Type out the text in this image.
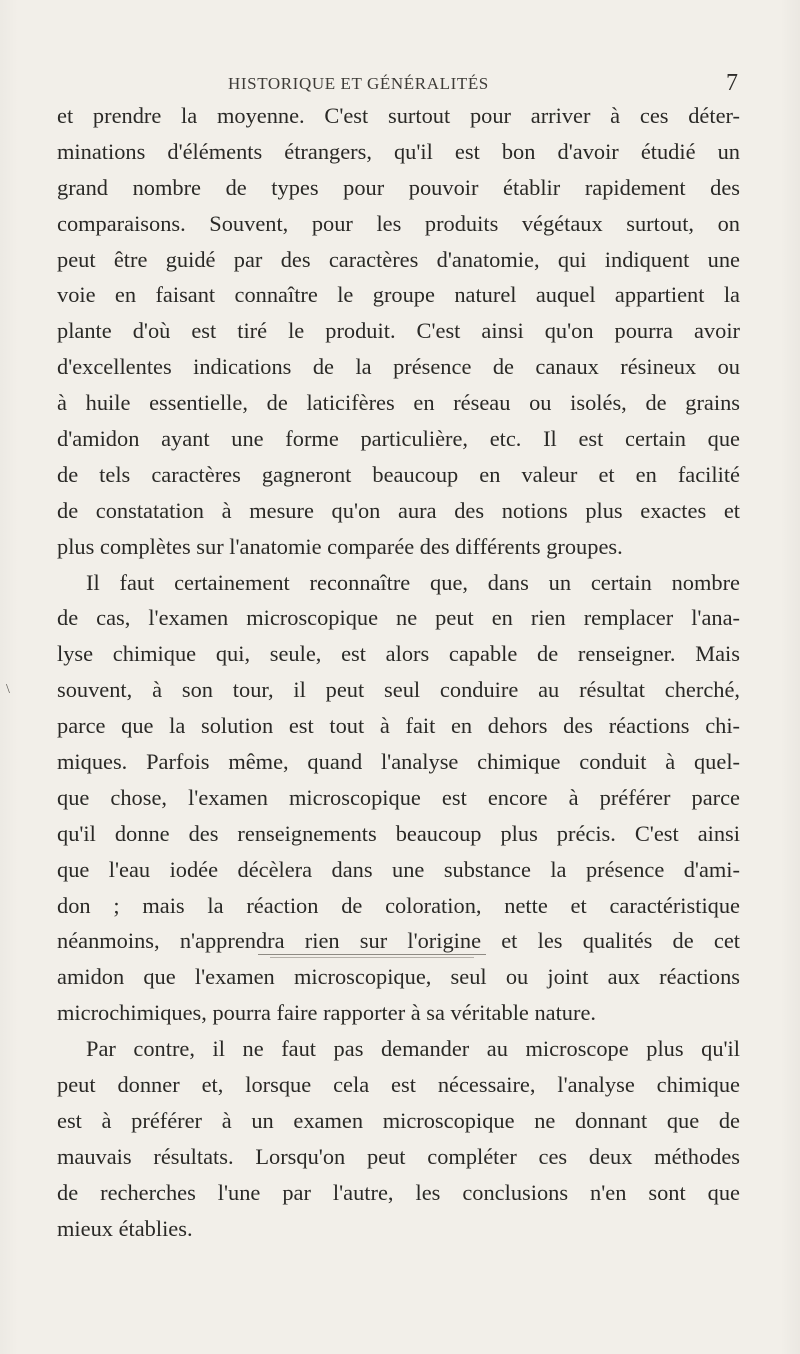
HISTORIQUE ET GÉNÉRALITÉS	7
\
et prendre la moyenne. C'est surtout pour arriver à ces déter-
minations d'éléments étrangers, qu'il est bon d'avoir étudié un
grand nombre de types pour pouvoir établir rapidement des
comparaisons. Souvent, pour les produits végétaux surtout, on
peut être guidé par des caractères d'anatomie, qui indiquent une
voie en faisant connaître le groupe naturel auquel appartient la
plante d'où est tiré le produit. C'est ainsi qu'on pourra avoir
d'excellentes indications de la présence de canaux résineux ou
à huile essentielle, de laticifères en réseau ou isolés, de grains
d'amidon ayant une forme particulière, etc. Il est certain que
de tels caractères gagneront beaucoup en valeur et en facilité
de constatation à mesure qu'on aura des notions plus exactes et
plus complètes sur l'anatomie comparée des différents groupes.
Il faut certainement reconnaître que, dans un certain nombre
de cas, l'examen microscopique ne peut en rien remplacer l'ana-
lyse chimique qui, seule, est alors capable de renseigner. Mais
souvent, à son tour, il peut seul conduire au résultat cherché,
parce que la solution est tout à fait en dehors des réactions chi-
miques. Parfois même, quand l'analyse chimique conduit à quel-
que chose, l'examen microscopique est encore à préférer parce
qu'il donne des renseignements beaucoup plus précis. C'est ainsi
que l'eau iodée décèlera dans une substance la présence d'ami-
don ; mais la réaction de coloration, nette et caractéristique
néanmoins, n'apprendra rien sur l'origine et les qualités de cet
amidon que l'examen microscopique, seul ou joint aux réactions
microchimiques, pourra faire rapporter à sa véritable nature.
Par contre, il ne faut pas demander au microscope plus qu'il
peut donner et, lorsque cela est nécessaire, l'analyse chimique
est à préférer à un examen microscopique ne donnant que de
mauvais résultats. Lorsqu'on peut compléter ces deux méthodes
de recherches l'une par l'autre, les conclusions n'en sont que
mieux établies.
